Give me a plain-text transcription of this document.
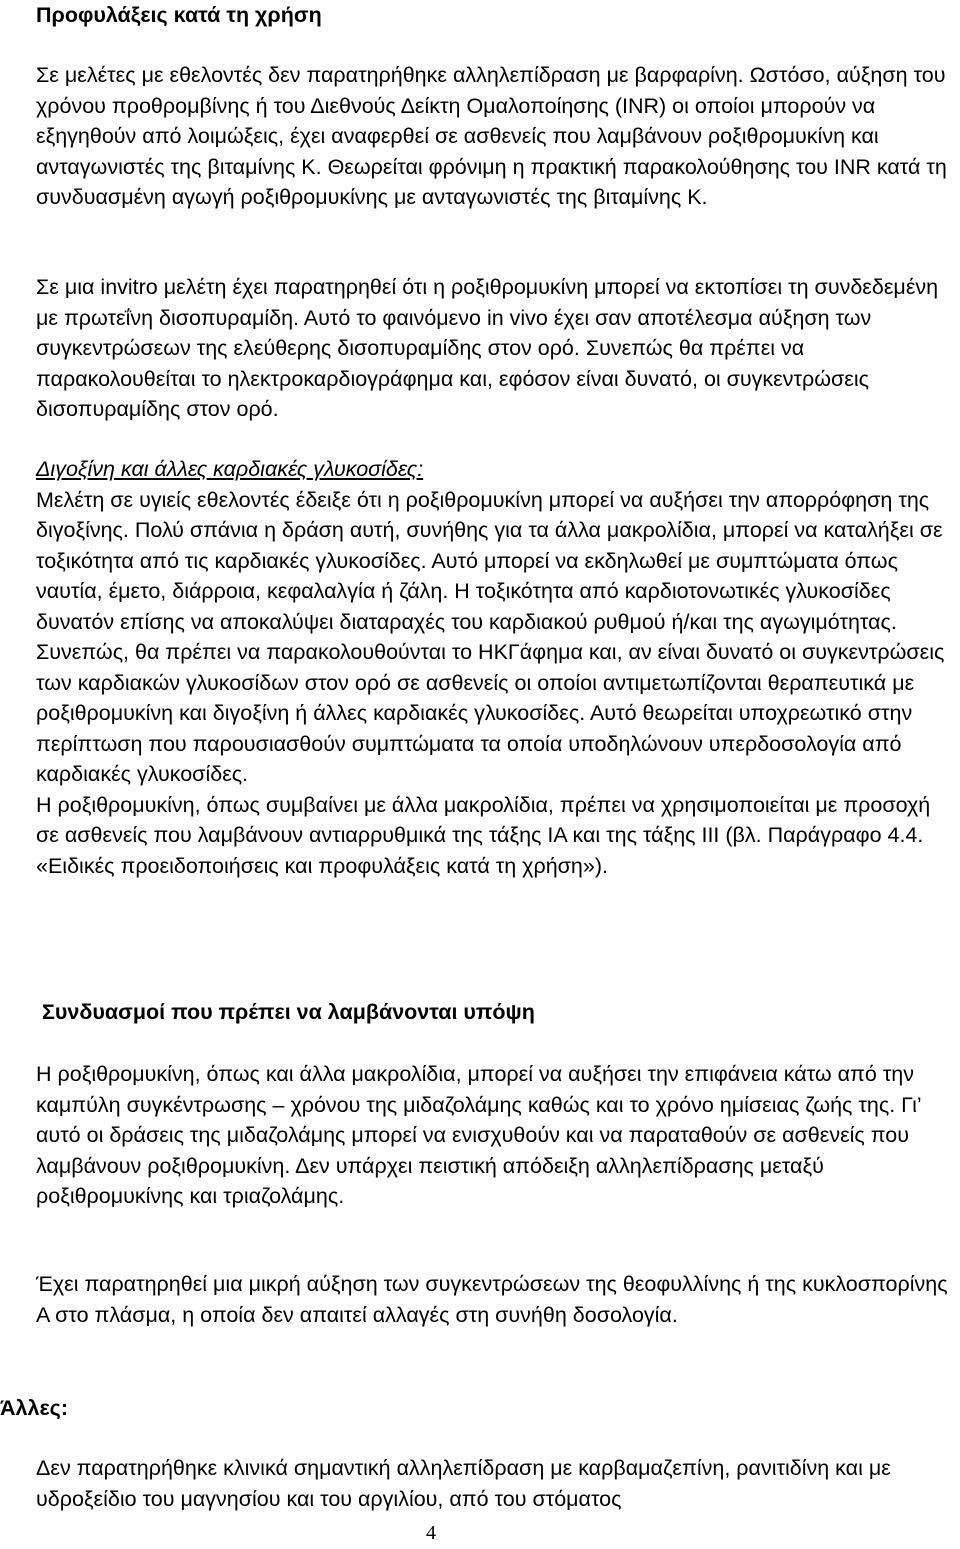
Προφυλάξεις κατά τη χρήση

Σε μελέτες με εθελοντές δεν παρατηρήθηκε αλληλεπίδραση με βαρφαρίνη. Ωστόσο, αύξηση του χρόνου προθρομβίνης ή του Διεθνούς Δείκτη Ομαλοποίησης (INR) οι οποίοι μπορούν να εξηγηθούν από λοιμώξεις, έχει αναφερθεί σε ασθενείς που λαμβάνουν ροξιθρομυκίνη και ανταγωνιστές της βιταμίνης Κ. Θεωρείται φρόνιμη η πρακτική παρακολούθησης του INR κατά τη συνδυασμένη αγωγή ροξιθρομυκίνης με ανταγωνιστές της βιταμίνης Κ.

Σε μια invitro μελέτη έχει παρατηρηθεί ότι η ροξιθρομυκίνη μπορεί να εκτοπίσει τη συνδεδεμένη με πρωτεΐνη δισοπυραμίδη. Αυτό το φαινόμενο in vivo έχει σαν αποτέλεσμα αύξηση των συγκεντρώσεων της ελεύθερης δισοπυραμίδης στον ορό. Συνεπώς θα πρέπει να παρακολουθείται το ηλεκτροκαρδιογράφημα και, εφόσον είναι δυνατό, οι συγκεντρώσεις δισοπυραμίδης στον ορό.

Διγοξίνη και άλλες καρδιακές γλυκοσίδες:

Μελέτη σε υγιείς εθελοντές έδειξε ότι η ροξιθρομυκίνη μπορεί να αυξήσει την απορρόφηση της διγοξίνης. Πολύ σπάνια η δράση αυτή, συνήθης για τα άλλα μακρολίδια, μπορεί να καταλήξει σε τοξικότητα από τις καρδιακές γλυκοσίδες. Αυτό μπορεί να εκδηλωθεί με συμπτώματα όπως ναυτία, έμετο, διάρροια, κεφαλαλγία ή ζάλη. Η τοξικότητα από καρδιοτονωτικές γλυκοσίδες δυνατόν επίσης να αποκαλύψει διαταραχές του καρδιακού ρυθμού ή/και της αγωγιμότητας. Συνεπώς, θα πρέπει να παρακολουθούνται το ΗΚΓάφημα και, αν είναι δυνατό οι συγκεντρώσεις των καρδιακών γλυκοσίδων στον ορό σε ασθενείς οι οποίοι αντιμετωπίζονται θεραπευτικά με ροξιθρομυκίνη και διγοξίνη ή άλλες καρδιακές γλυκοσίδες. Αυτό θεωρείται υποχρεωτικό στην περίπτωση που παρουσιασθούν συμπτώματα τα οποία υποδηλώνουν υπερδοσολογία από καρδιακές γλυκοσίδες.

Η ροξιθρομυκίνη, όπως συμβαίνει με άλλα μακρολίδια, πρέπει να χρησιμοποιείται με προσοχή σε ασθενείς που λαμβάνουν αντιαρρυθμικά της τάξης ΙΑ και της τάξης ΙΙΙ (βλ. Παράγραφο 4.4. «Ειδικές προειδοποιήσεις και προφυλάξεις κατά τη χρήση»).

Συνδυασμοί που πρέπει να λαμβάνονται υπόψη

Η ροξιθρομυκίνη, όπως και άλλα μακρολίδια, μπορεί να αυξήσει την επιφάνεια κάτω από την καμπύλη συγκέντρωσης – χρόνου της μιδαζολάμης καθώς και το χρόνο ημίσειας ζωής της. Γι’ αυτό οι δράσεις της μιδαζολάμης μπορεί να ενισχυθούν και να παραταθούν σε ασθενείς που λαμβάνουν ροξιθρομυκίνη. Δεν υπάρχει πειστική απόδειξη αλληλεπίδρασης μεταξύ ροξιθρομυκίνης και τριαζολάμης.

Έχει παρατηρηθεί μια μικρή αύξηση των συγκεντρώσεων της θεοφυλλίνης ή της κυκλοσπορίνης Α στο πλάσμα, η οποία δεν απαιτεί αλλαγές στη συνήθη δοσολογία.

Άλλες:

Δεν παρατηρήθηκε κλινικά σημαντική αλληλεπίδραση με καρβαμαζεπίνη, ρανιτιδίνη και με υδροξείδιο του μαγνησίου και του αργιλίου, από του στόματος

4
